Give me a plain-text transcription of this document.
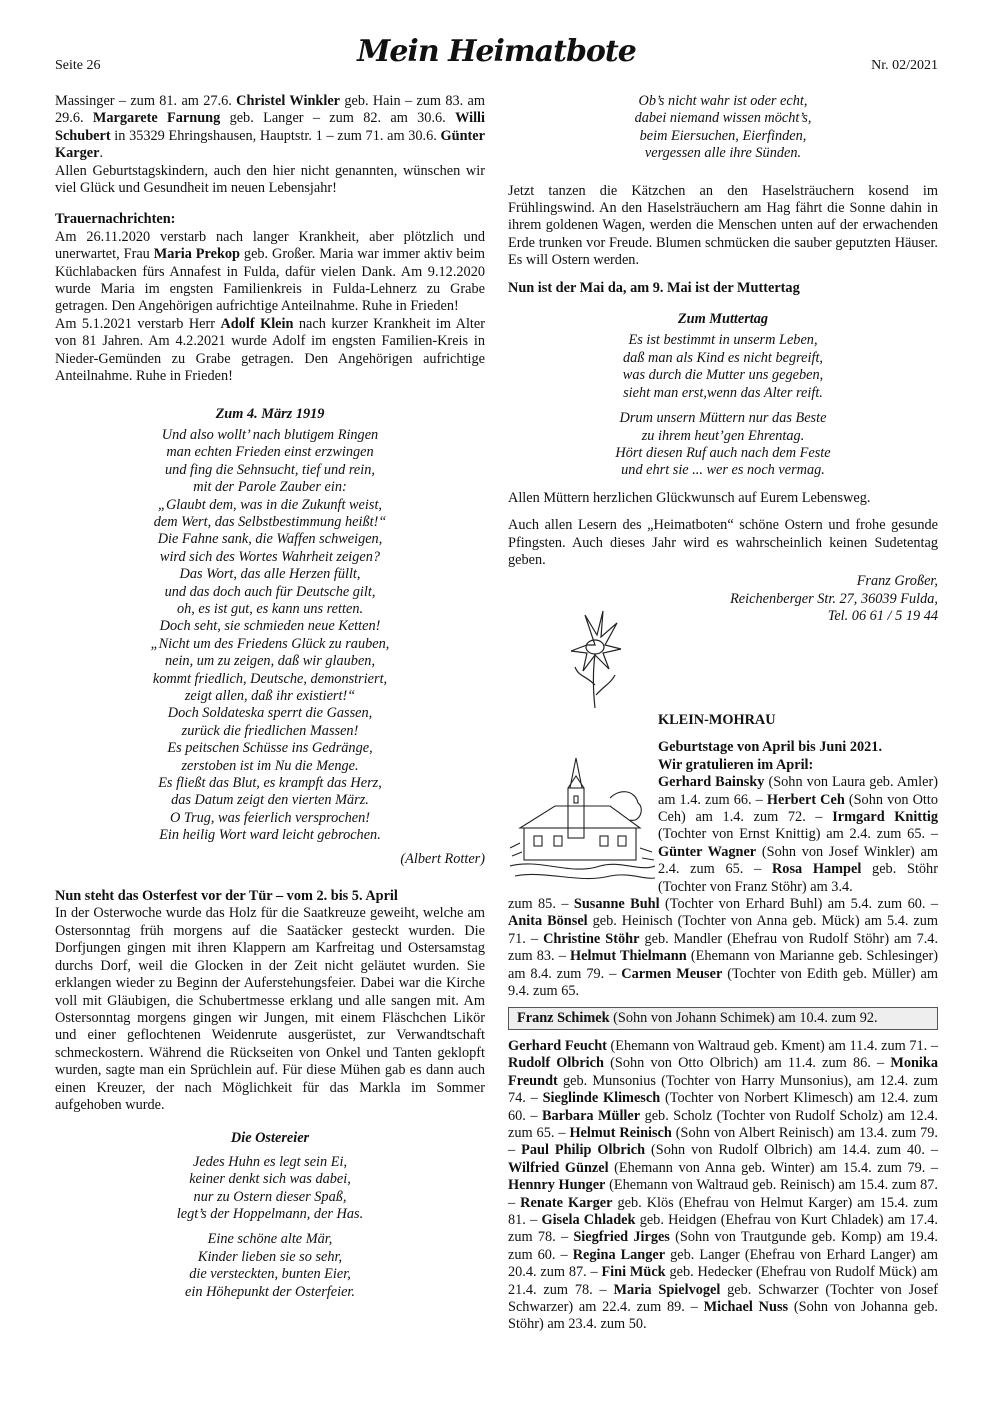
Seite 26	Mein Heimatbote	Nr. 02/2021

Massinger – zum 81. am 27.6. Christel Winkler geb. Hain – zum 83. am 29.6. Margarete Farnung geb. Langer – zum 82. am 30.6. Willi Schubert in 35329 Ehringshausen, Hauptstr. 1 – zum 71. am 30.6. Günter Karger.

Allen Geburtstagskindern, auch den hier nicht genannten, wünschen wir viel Glück und Gesundheit im neuen Lebensjahr!

Trauernachrichten:

Am 26.11.2020 verstarb nach langer Krankheit, aber plötzlich und unerwartet, Frau Maria Prekop geb. Großer. Maria war immer aktiv beim Küchlabacken fürs Annafest in Fulda, dafür vielen Dank. Am 9.12.2020 wurde Maria im engsten Familienkreis in Fulda-Lehnerz zu Grabe getragen. Den Angehörigen aufrichtige Anteilnahme. Ruhe in Frieden!

Am 5.1.2021 verstarb Herr Adolf Klein nach kurzer Krankheit im Alter von 81 Jahren. Am 4.2.2021 wurde Adolf im engsten Familien-Kreis in Nieder-Gemünden zu Grabe getragen. Den Angehörigen aufrichtige Anteilnahme. Ruhe in Frieden!

Zum 4. März 1919

Und also wollt’ nach blutigem Ringen

man echten Frieden einst erzwingen

und fing die Sehnsucht, tief und rein,

mit der Parole Zauber ein:

„Glaubt dem, was in die Zukunft weist,

dem Wert, das Selbstbestimmung heißt!“

Die Fahne sank, die Waffen schweigen,

wird sich des Wortes Wahrheit zeigen?

Das Wort, das alle Herzen füllt,

und das doch auch für Deutsche gilt,

oh, es ist gut, es kann uns retten.

Doch seht, sie schmieden neue Ketten!

„Nicht um des Friedens Glück zu rauben,

nein, um zu zeigen, daß wir glauben,

kommt friedlich, Deutsche, demonstriert,

zeigt allen, daß ihr existiert!“

Doch Soldateska sperrt die Gassen,

zurück die friedlichen Massen!

Es peitschen Schüsse ins Gedränge,

zerstoben ist im Nu die Menge.

Es fließt das Blut, es krampft das Herz,

das Datum zeigt den vierten März.

O Trug, was feierlich versprochen!

Ein heilig Wort ward leicht gebrochen.

(Albert Rotter)

Nun steht das Osterfest vor der Tür – vom 2. bis 5. April

In der Osterwoche wurde das Holz für die Saatkreuze geweiht, welche am Ostersonntag früh morgens auf die Saatäcker gesteckt wurden. Die Dorfjungen gingen mit ihren Klappern am Karfreitag und Ostersamstag durchs Dorf, weil die Glocken in der Zeit nicht geläutet wurden. Sie erklangen wieder zu Beginn der Auferstehungsfeier. Dabei war die Kirche voll mit Gläubigen, die Schubertmesse erklang und alle sangen mit. Am Ostersonntag morgens gingen wir Jungen, mit einem Fläschchen Likör und einer geflochtenen Weidenrute ausgerüstet, zur Verwandtschaft schmeckostern. Während die Rückseiten von Onkel und Tanten geklopft wurden, sagte man ein Sprüchlein auf. Für diese Mühen gab es dann auch einen Kreuzer, der nach Möglichkeit für das Markla im Sommer aufgehoben wurde.

Die Ostereier

Jedes Huhn es legt sein Ei,

keiner denkt sich was dabei,

nur zu Ostern dieser Spaß,

legt’s der Hoppelmann, der Has.

Eine schöne alte Mär,

Kinder lieben sie so sehr,

die versteckten, bunten Eier,

ein Höhepunkt der Osterfeier.

Ob’s nicht wahr ist oder echt,

dabei niemand wissen möcht’s,

beim Eiersuchen, Eierfinden,

vergessen alle ihre Sünden.

Jetzt tanzen die Kätzchen an den Haselsträuchern kosend im Frühlingswind. An den Haselsträuchern am Hag fährt die Sonne dahin in ihrem goldenen Wagen, werden die Menschen unten auf der erwachenden Erde trunken vor Freude. Blumen schmücken die sauber geputzten Häuser. Es will Ostern werden.

Nun ist der Mai da, am 9. Mai ist der Muttertag

Zum Muttertag

Es ist bestimmt in unserm Leben,

daß man als Kind es nicht begreift,

was durch die Mutter uns gegeben,

sieht man erst,wenn das Alter reift.

Drum unsern Müttern nur das Beste

zu ihrem heut’gen Ehrentag.

Hört diesen Ruf auch nach dem Feste

und ehrt sie ... wer es noch vermag.

Allen Müttern herzlichen Glückwunsch auf Eurem Lebensweg.

Auch allen Lesern des „Heimatboten“ schöne Ostern und frohe gesunde Pfingsten. Auch dieses Jahr wird es wahrscheinlich keinen Sudetentag geben.

Franz Großer,

Reichenberger Str. 27, 36039 Fulda,

Tel. 06 61 / 5 19 44

KLEIN-MOHRAU

Geburtstage von April bis Juni 2021.

Wir gratulieren im April:

Gerhard Bainsky (Sohn von Laura geb. Amler) am 1.4. zum 66. – Herbert Ceh (Sohn von Otto Ceh) am 1.4. zum 72. – Irmgard Knittig (Tochter von Ernst Knittig) am 2.4. zum 65. – Günter Wagner (Sohn von Josef Winkler) am 2.4. zum 65. – Rosa Hampel geb. Stöhr (Tochter von Franz Stöhr) am 3.4.

zum 85. – Susanne Buhl (Tochter von Erhard Buhl) am 5.4. zum 60. – Anita Bönsel geb. Heinisch (Tochter von Anna geb. Mück) am 5.4. zum 71. – Christine Stöhr geb. Mandler (Ehefrau von Rudolf Stöhr) am 7.4. zum 83. – Helmut Thielmann (Ehemann von Marianne geb. Schlesinger) am 8.4. zum 79. – Carmen Meuser (Tochter von Edith geb. Müller) am 9.4. zum 65.

Franz Schimek (Sohn von Johann Schimek) am 10.4. zum 92.

Gerhard Feucht (Ehemann von Waltraud geb. Kment) am 11.4. zum 71. – Rudolf Olbrich (Sohn von Otto Olbrich) am 11.4. zum 86. – Monika Freundt geb. Munsonius (Tochter von Harry Munsonius), am 12.4. zum 74. – Sieglinde Klimesch (Tochter von Norbert Klimesch) am 12.4. zum 60. – Barbara Müller geb. Scholz (Tochter von Rudolf Scholz) am 12.4. zum 65. – Helmut Reinisch (Sohn von Albert Reinisch) am 13.4. zum 79. – Paul Philip Olbrich (Sohn von Rudolf Olbrich) am 14.4. zum 40. – Wilfried Günzel (Ehemann von Anna geb. Winter) am 15.4. zum 79. – Hennry Hunger (Ehemann von Waltraud geb. Reinisch) am 15.4. zum 87. – Renate Karger geb. Klös (Ehefrau von Helmut Karger) am 15.4. zum 81. – Gisela Chladek geb. Heidgen (Ehefrau von Kurt Chladek) am 17.4. zum 78. – Siegfried Jirges (Sohn von Trautgunde geb. Komp) am 19.4. zum 60. – Regina Langer geb. Langer (Ehefrau von Erhard Langer) am 20.4. zum 87. – Fini Mück geb. Hedecker (Ehefrau von Rudolf Mück) am 21.4. zum 78. – Maria Spielvogel geb. Schwarzer (Tochter von Josef Schwarzer) am 22.4. zum 89. – Michael Nuss (Sohn von Johanna geb. Stöhr) am 23.4. zum 50.
